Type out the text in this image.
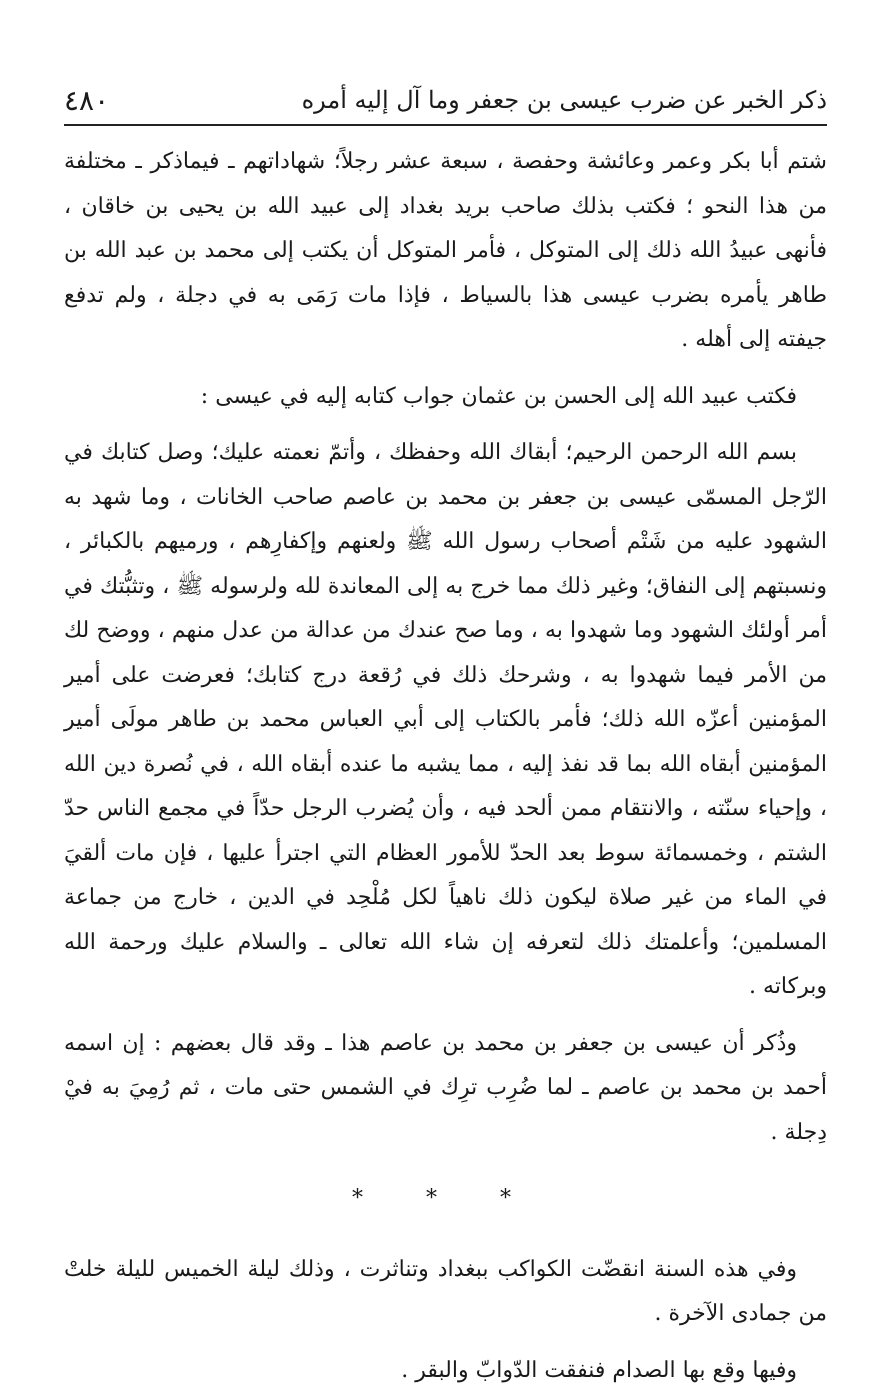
ذكر الخبر عن ضرب عيسى بن جعفر وما آل إليه أمره
٤٨٠

شتم أبا بكر وعمر وعائشة وحفصة ، سبعة عشر رجلاً؛ شهاداتهم ـ فيماذكر ـ مختلفة من هذا النحو ؛ فكتب بذلك صاحب بريد بغداد إلى عبيد الله بن يحيى بن خاقان ، فأنهى عبيدُ الله ذلك إلى المتوكل ، فأمر المتوكل أن يكتب إلى محمد بن عبد الله بن طاهر يأمره بضرب عيسى هذا بالسياط ، فإذا مات رَمَى به في دجلة ، ولم تدفع جيفته إلى أهله .

فكتب عبيد الله إلى الحسن بن عثمان جواب كتابه إليه في عيسى :

بسم الله الرحمن الرحيم؛ أبقاك الله وحفظك ، وأتمّ نعمته عليك؛ وصل كتابك في الرّجل المسمّى عيسى بن جعفر بن محمد بن عاصم صاحب الخانات ، وما شهد به الشهود عليه من شَتْم أصحاب رسول الله ﷺ ولعنهم وإكفارِهم ، ورميهم بالكبائر ، ونسبتهم إلى النفاق؛ وغير ذلك مما خرج به إلى المعاندة لله ولرسوله ﷺ ، وتثبُّتك في أمر أولئك الشهود وما شهدوا به ، وما صح عندك من عدالة من عدل منهم ، ووضح لك من الأمر فيما شهدوا به ، وشرحك ذلك في رُقعة درج كتابك؛ فعرضت على أمير المؤمنين أعزّه الله ذلك؛ فأمر بالكتاب إلى أبي العباس محمد بن طاهر مولَى أمير المؤمنين أبقاه الله بما قد نفذ إليه ، مما يشبه ما عنده أبقاه الله ، في نُصرة دين الله ، وإحياء سنّته ، والانتقام ممن ألحد فيه ، وأن يُضرب الرجل حدّاً في مجمع الناس حدّ الشتم ، وخمسمائة سوط بعد الحدّ للأمور العظام التي اجترأ عليها ، فإن مات ألقيَ في الماء من غير صلاة ليكون ذلك ناهياً لكل مُلْحِد في الدين ، خارج من جماعة المسلمين؛ وأعلمتك ذلك لتعرفه إن شاء الله تعالى ـ والسلام عليك ورحمة الله وبركاته .

وذُكر أن عيسى بن جعفر بن محمد بن عاصم هذا ـ وقد قال بعضهم : إن اسمه أحمد بن محمد بن عاصم ـ لما ضُرِب ترِك في الشمس حتى مات ، ثم رُمِيَ به فيْ دِجلة .

* * *

وفي هذه السنة انقضّت الكواكب ببغداد وتناثرت ، وذلك ليلة الخميس لليلة خلتْ من جمادى الآخرة .

وفيها وقع بها الصدام فنفقت الدّوابّ والبقر .
